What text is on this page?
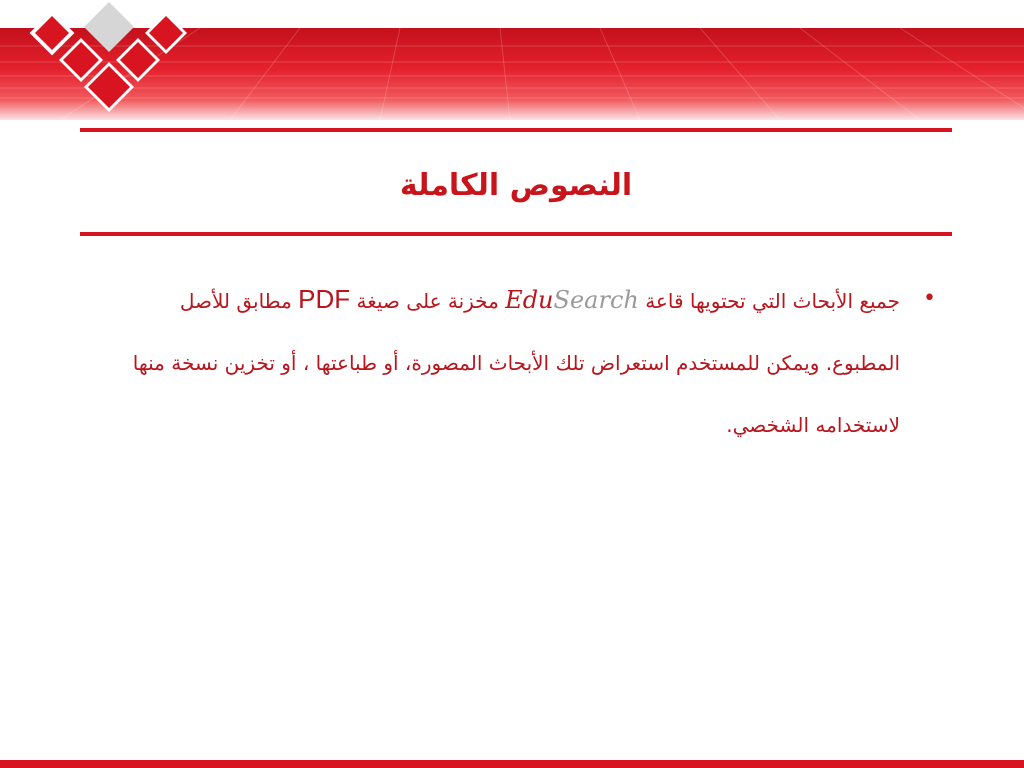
النصوص الكاملة
•

جميع الأبحاث التي تحتويها قاعة EduSearch مخزنة على صيغة PDF مطابق للأصل المطبوع. ويمكن للمستخدم استعراض تلك الأبحاث المصورة، أو طباعتها ، أو تخزين نسخة منها لاستخدامه الشخصي.
